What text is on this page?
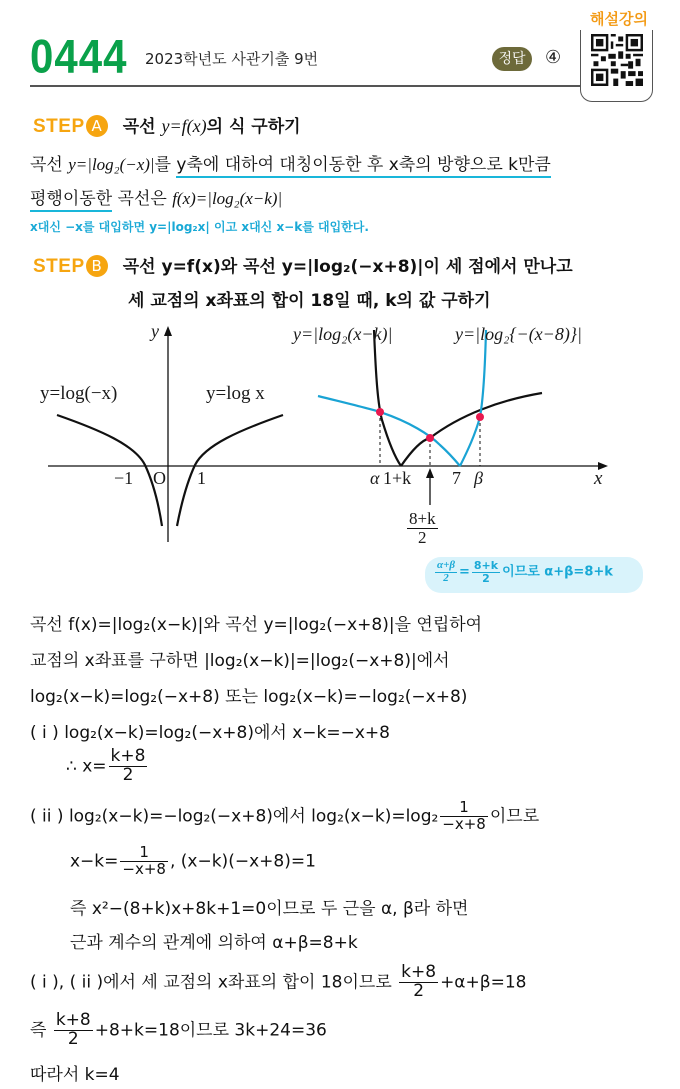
0444 2023학년도 사관기출 9번	정답	④
해설강의
STEP A 곡선 y=f(x)의 식 구하기
곡선 y=|log₂(−x)|를 y축에 대하여 대칭이동한 후 x축의 방향으로 k만큼
평행이동한 곡선은 f(x)=|log₂(x−k)|
x대신 −x를 대입하면 y=|log₂x| 이고 x대신 x−k를 대입한다.
STEP B 곡선 y=f(x)와 곡선 y=|log₂(−x+8)|이 세 점에서 만나고
세 교점의 x좌표의 합이 18일 때, k의 값 구하기
y
y=log(−x)	y=log x
−1 O 1
y=|log₂(x−k)|	y=|log₂{−(x−8)}|
α 1+k 7 β	x
$\frac{8+k}{2}$
$\frac{\alpha+\beta}{2} = \frac{8+k}{2}$ 이므로 α+β=8+k
곡선 f(x)=|log₂(x−k)|와 곡선 y=|log₂(−x+8)|을 연립하여
교점의 x좌표를 구하면 |log₂(x−k)|=|log₂(−x+8)|에서
log₂(x−k)=log₂(−x+8) 또는 log₂(x−k)=−log₂(−x+8)
( i ) log₂(x−k)=log₂(−x+8)에서 x−k=−x+8
∴ $x= \frac{k+8}{2}$
( ii ) log₂(x−k)=−log₂(−x+8)에서 $\log_2(x-k)=\log_2 \frac{1}{-x+8}$ 이므로
$x-k= \frac{1}{-x+8}$ , (x−k)(−x+8)=1
즉 x²−(8+k)x+8k+1=0이므로 두 근을 α, β라 하면
근과 계수의 관계에 의하여 α+β=8+k
( i ), ( ii )에서 세 교점의 x좌표의 합이 18이므로 $\frac{k+8}{2} +\alpha+\beta=18$
즉 $\frac{k+8}{2} +8+k=18$이므로 3k+24=36
따라서 k=4
